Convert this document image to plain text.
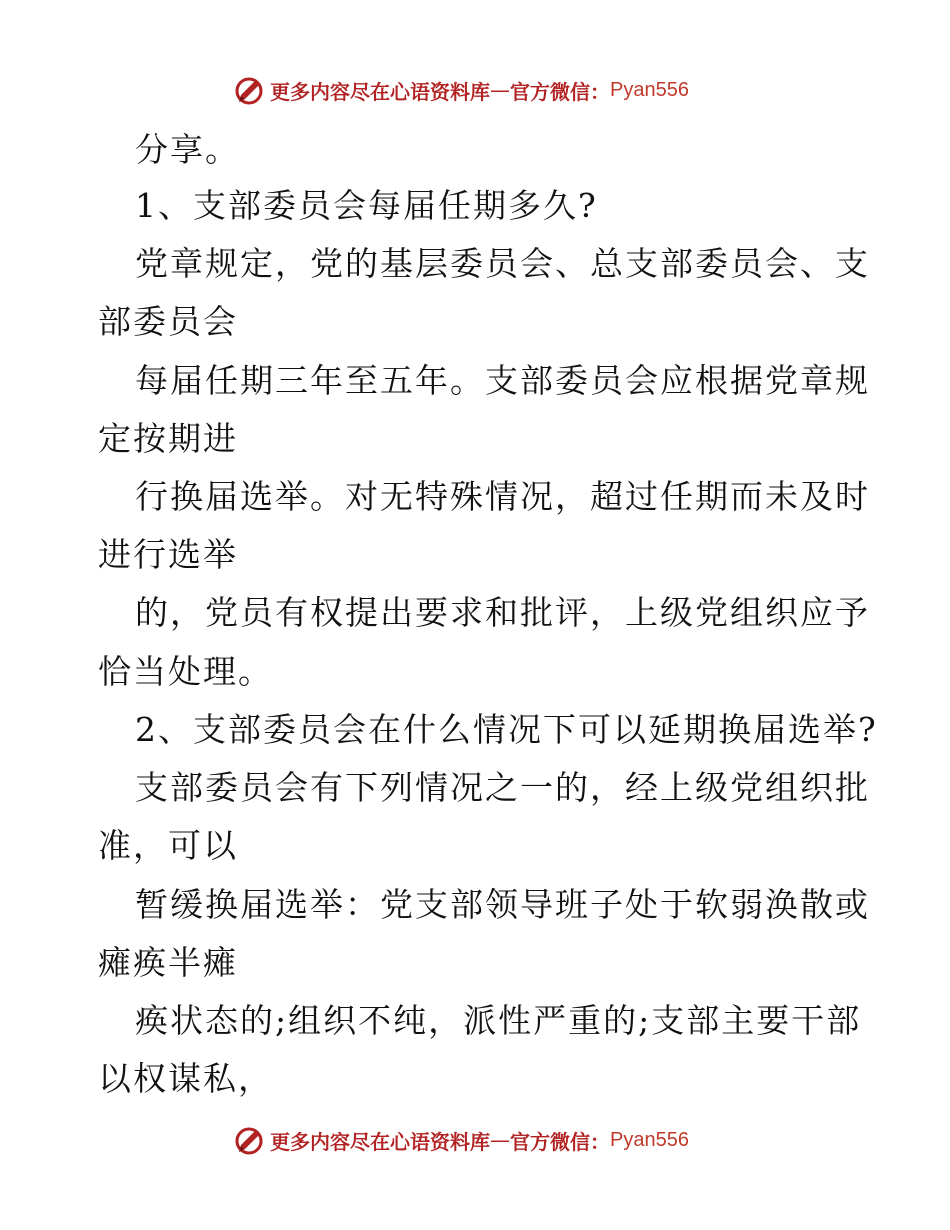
更多内容尽在心语资料库 — 官方微信： Pyan556
分享。
1、支部委员会每届任期多久?
党章规定，党的基层委员会、总支部委员会、支
部委员会
每届任期三年至五年。支部委员会应根据党章规
定按期进
行换届选举。对无特殊情况，超过任期而未及时
进行选举
的，党员有权提出要求和批评，上级党组织应予
恰当处理。
2、支部委员会在什么情况下可以延期换届选举?
支部委员会有下列情况之一的，经上级党组织批
准，可以
暂缓换届选举：党支部领导班子处于软弱涣散或
瘫痪半瘫
痪状态的;组织不纯，派性严重的;支部主要干部
以权谋私，
更多内容尽在心语资料库 — 官方微信： Pyan556
